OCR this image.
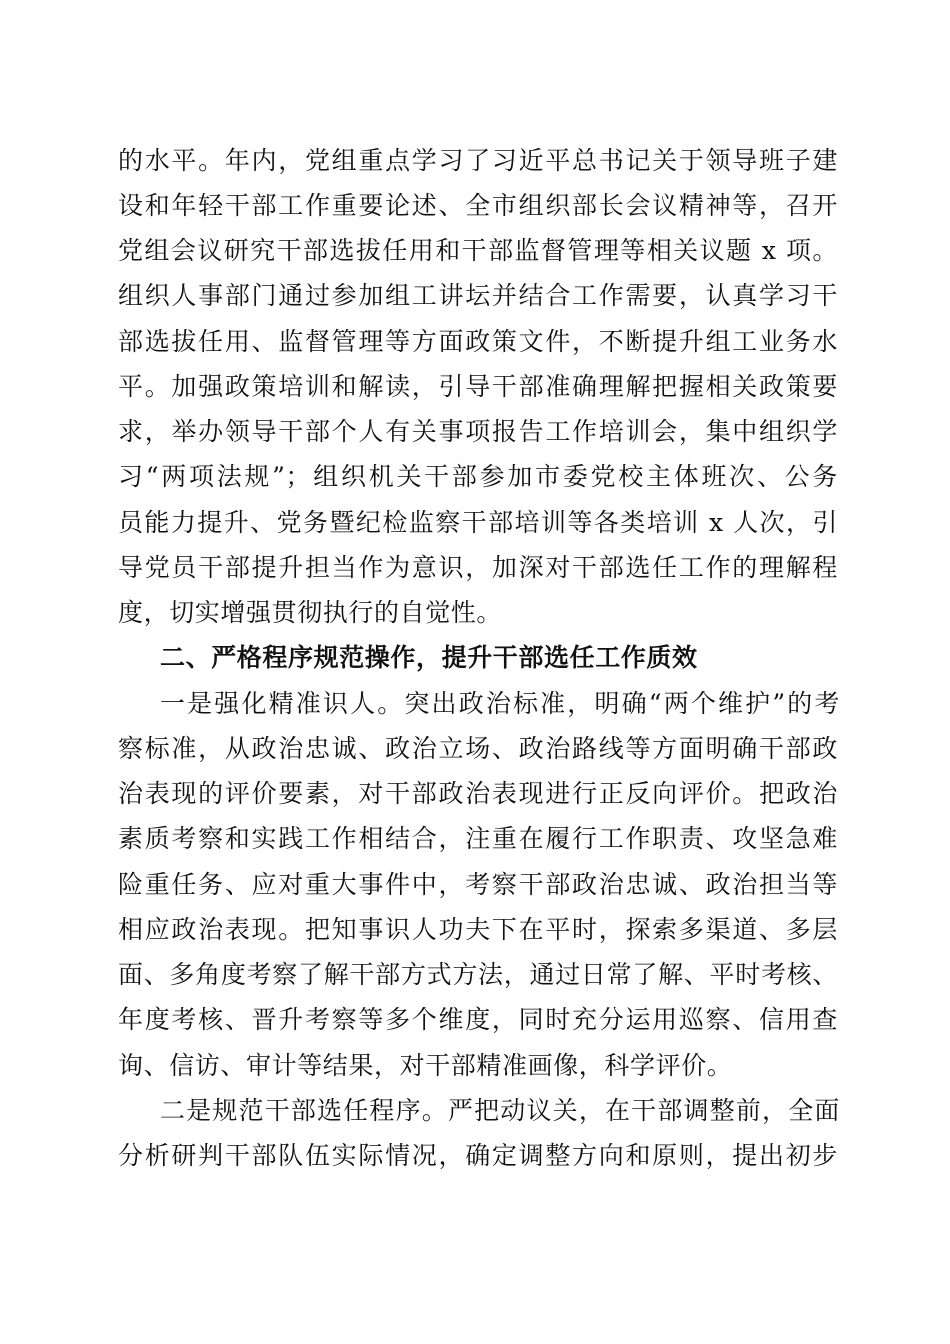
的水平。年内，党组重点学习了习近平总书记关于领导班子建
设和年轻干部工作重要论述、全市组织部长会议精神等，召开
党组会议研究干部选拔任用和干部监督管理等相关议题 x 项。
组织人事部门通过参加组工讲坛并结合工作需要，认真学习干
部选拔任用、监督管理等方面政策文件，不断提升组工业务水
平。加强政策培训和解读，引导干部准确理解把握相关政策要
求，举办领导干部个人有关事项报告工作培训会，集中组织学
习“两项法规”；组织机关干部参加市委党校主体班次、公务
员能力提升、党务暨纪检监察干部培训等各类培训 x 人次，引
导党员干部提升担当作为意识，加深对干部选任工作的理解程
度，切实增强贯彻执行的自觉性。
二、严格程序规范操作，提升干部选任工作质效
一是强化精准识人。突出政治标准，明确“两个维护”的考
察标准，从政治忠诚、政治立场、政治路线等方面明确干部政
治表现的评价要素，对干部政治表现进行正反向评价。把政治
素质考察和实践工作相结合，注重在履行工作职责、攻坚急难
险重任务、应对重大事件中，考察干部政治忠诚、政治担当等
相应政治表现。把知事识人功夫下在平时，探索多渠道、多层
面、多角度考察了解干部方式方法，通过日常了解、平时考核、
年度考核、晋升考察等多个维度，同时充分运用巡察、信用查
询、信访、审计等结果，对干部精准画像，科学评价。
二是规范干部选任程序。严把动议关，在干部调整前，全面
分析研判干部队伍实际情况，确定调整方向和原则，提出初步
